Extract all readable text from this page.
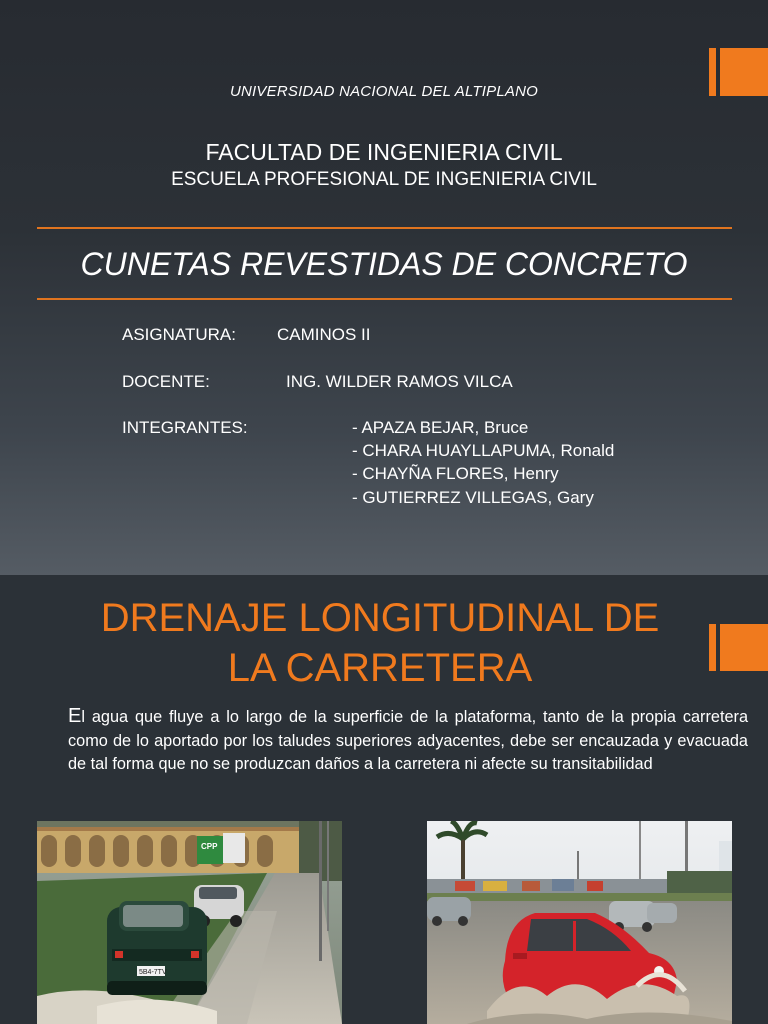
UNIVERSIDAD NACIONAL DEL ALTIPLANO
FACULTAD DE INGENIERIA CIVIL
ESCUELA PROFESIONAL DE INGENIERIA CIVIL
CUNETAS REVESTIDAS DE CONCRETO
ASIGNATURA: CAMINOS II
DOCENTE:	ING. WILDER RAMOS VILCA
INTEGRANTES:	- APAZA BEJAR, Bruce
- CHARA HUAYLLAPUMA, Ronald
- CHAYÑA FLORES, Henry
- GUTIERREZ VILLEGAS, Gary
DRENAJE LONGITUDINAL DE
LA CARRETERA
El agua que fluye a lo largo de la superficie de la plataforma, tanto de la propia carretera como de lo aportado por los taludes superiores adyacentes, debe ser encauzada y evacuada de tal forma que no se produzcan daños a la carretera ni afecte su transitabilidad
CPP
5B4-7TV
